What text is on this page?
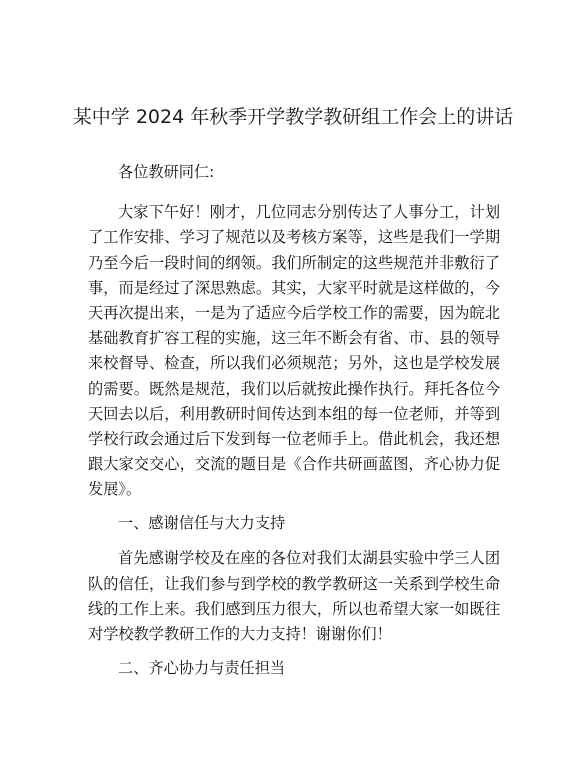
某中学 2024 年秋季开学教学教研组工作会上的讲话

各位教研同仁:

大家下午好！刚才，几位同志分别传达了人事分工，计划了工作安排、学习了规范以及考核方案等，这些是我们一学期乃至今后一段时间的纲领。我们所制定的这些规范并非敷衍了事，而是经过了深思熟虑。其实，大家平时就是这样做的，今天再次提出来，一是为了适应今后学校工作的需要，因为皖北基础教育扩容工程的实施，这三年不断会有省、市、县的领导来校督导、检查，所以我们必须规范；另外，这也是学校发展的需要。既然是规范，我们以后就按此操作执行。拜托各位今天回去以后，利用教研时间传达到本组的每一位老师，并等到学校行政会通过后下发到每一位老师手上。借此机会，我还想跟大家交交心，交流的题目是《合作共研画蓝图，齐心协力促发展》。

一、感谢信任与大力支持

首先感谢学校及在座的各位对我们太湖县实验中学三人团队的信任，让我们参与到学校的教学教研这一关系到学校生命线的工作上来。我们感到压力很大，所以也希望大家一如既往对学校教学教研工作的大力支持！谢谢你们！

二、齐心协力与责任担当
